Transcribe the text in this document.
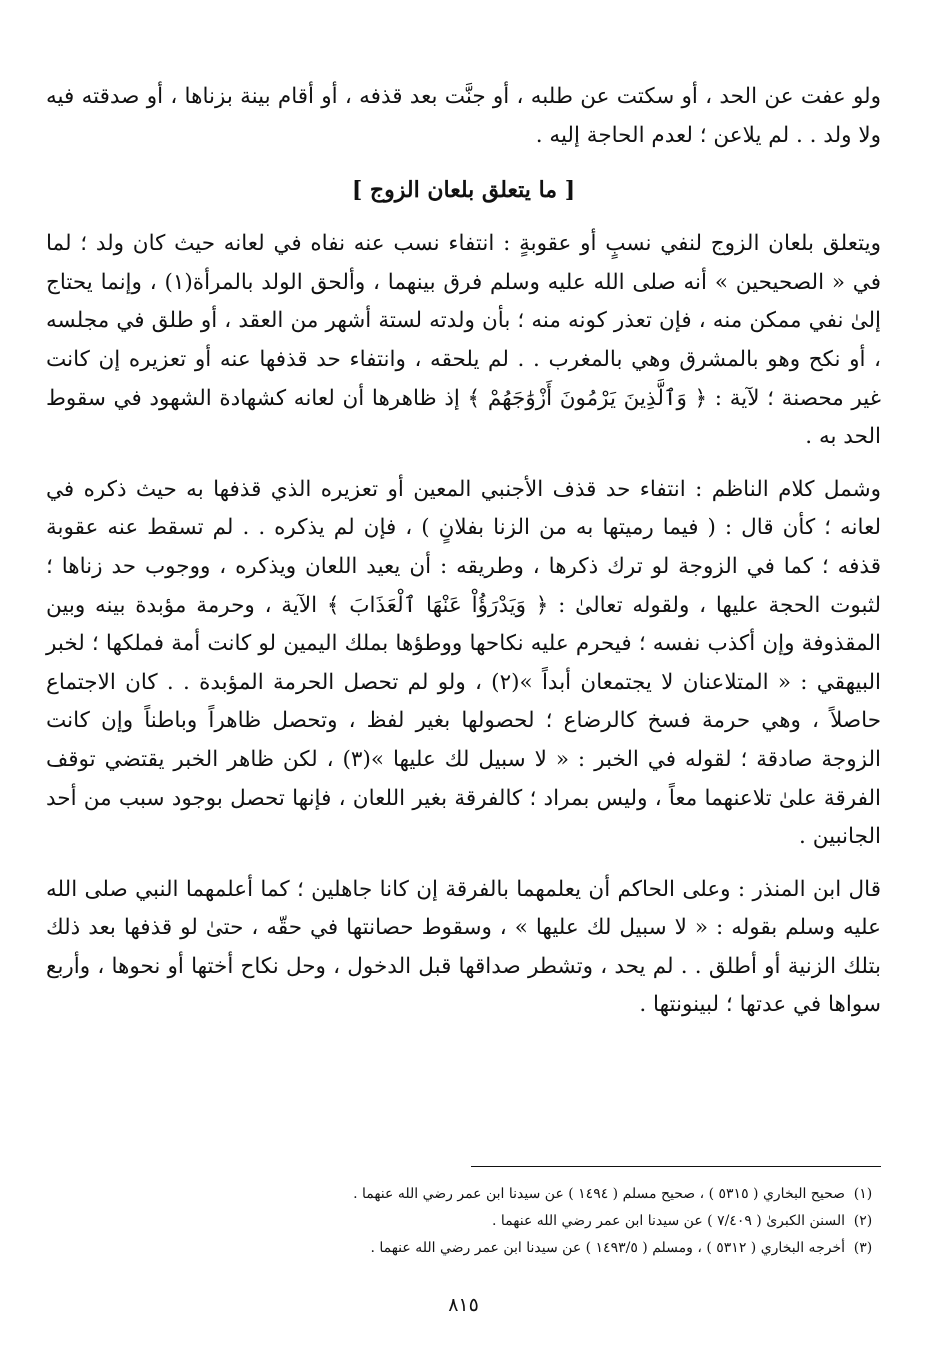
ولو عفت عن الحد ، أو سكتت عن طلبه ، أو جنَّت بعد قذفه ، أو أقام بينة بزناها ، أو صدقته فيه ولا ولد . . لم يلاعن ؛ لعدم الحاجة إليه .

[ ما يتعلق بلعان الزوج ]

ويتعلق بلعان الزوج لنفي نسبٍ أو عقوبةٍ : انتفاء نسب عنه نفاه في لعانه حيث كان ولد ؛ لما في « الصحيحين » أنه صلى الله عليه وسلم فرق بينهما ، وألحق الولد بالمرأة(١) ، وإنما يحتاج إلىٰ نفي ممكن منه ، فإن تعذر كونه منه ؛ بأن ولدته لستة أشهر من العقد ، أو طلق في مجلسه ، أو نكح وهو بالمشرق وهي بالمغرب . . لم يلحقه ، وانتفاء حد قذفها عنه أو تعزيره إن كانت غير محصنة ؛ لآية : ﴿ وَٱلَّذِينَ يَرْمُونَ أَزْوَٰجَهُمْ ﴾ إذ ظاهرها أن لعانه كشهادة الشهود في سقوط الحد به .

وشمل كلام الناظم : انتفاء حد قذف الأجنبي المعين أو تعزيره الذي قذفها به حيث ذكره في لعانه ؛ كأن قال : ( فيما رميتها به من الزنا بفلانٍ ) ، فإن لم يذكره . . لم تسقط عنه عقوبة قذفه ؛ كما في الزوجة لو ترك ذكرها ، وطريقه : أن يعيد اللعان ويذكره ، ووجوب حد زناها ؛ لثبوت الحجة عليها ، ولقوله تعالىٰ : ﴿ وَيَدْرَؤُاْ عَنْهَا ٱلْعَذَابَ ﴾ الآية ، وحرمة مؤبدة بينه وبين المقذوفة وإن أكذب نفسه ؛ فيحرم عليه نكاحها ووطؤها بملك اليمين لو كانت أمة فملكها ؛ لخبر البيهقي : « المتلاعنان لا يجتمعان أبداً »(٢) ، ولو لم تحصل الحرمة المؤبدة . . كان الاجتماع حاصلاً ، وهي حرمة فسخ كالرضاع ؛ لحصولها بغير لفظ ، وتحصل ظاهراً وباطناً وإن كانت الزوجة صادقة ؛ لقوله في الخبر : « لا سبيل لك عليها »(٣) ، لكن ظاهر الخبر يقتضي توقف الفرقة علىٰ تلاعنهما معاً ، وليس بمراد ؛ كالفرقة بغير اللعان ، فإنها تحصل بوجود سبب من أحد الجانبين .

قال ابن المنذر : وعلى الحاكم أن يعلمهما بالفرقة إن كانا جاهلين ؛ كما أعلمهما النبي صلى الله عليه وسلم بقوله : « لا سبيل لك عليها » ، وسقوط حصانتها في حقّه ، حتىٰ لو قذفها بعد ذلك بتلك الزنية أو أطلق . . لم يحد ، وتشطر صداقها قبل الدخول ، وحل نكاح أختها أو نحوها ، وأربع سواها في عدتها ؛ لبينونتها .

(١)
صحيح البخاري ( ٥٣١٥ ) ، صحيح مسلم ( ١٤٩٤ ) عن سيدنا ابن عمر رضي الله عنهما .
(٢)
السنن الكبرىٰ ( ٧/٤٠٩ ) عن سيدنا ابن عمر رضي الله عنهما .
(٣)
أخرجه البخاري ( ٥٣١٢ ) ، ومسلم ( ١٤٩٣/٥ ) عن سيدنا ابن عمر رضي الله عنهما .
٨١٥
